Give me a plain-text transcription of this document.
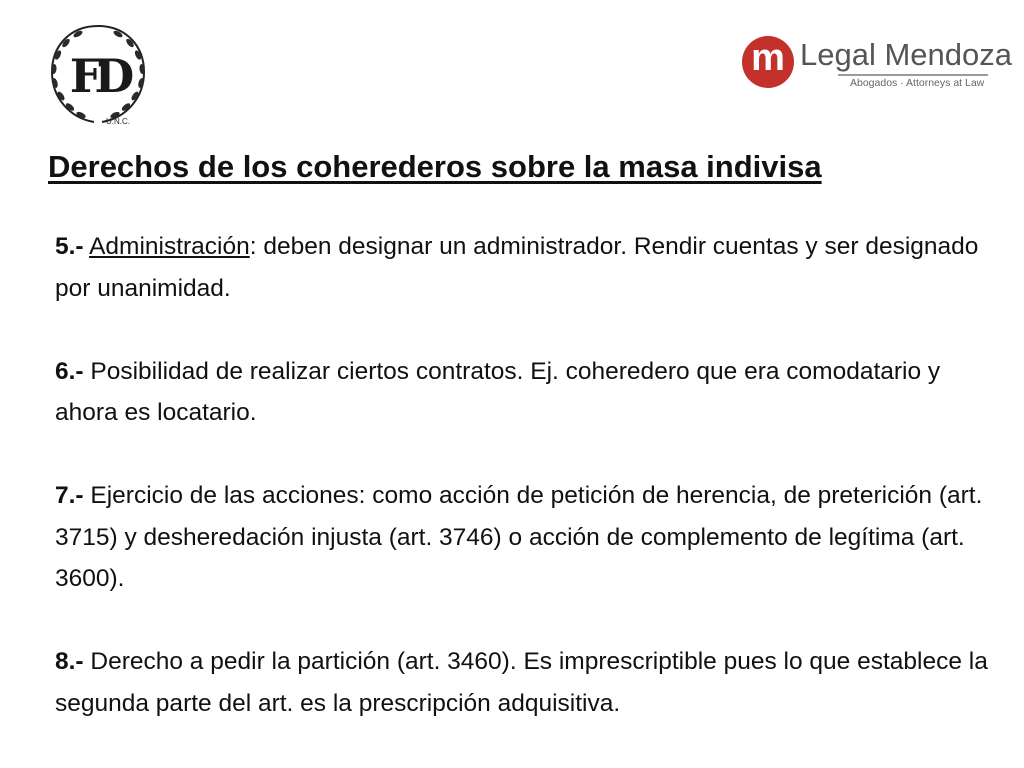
FD
U.N.C.
m Legal Mendoza
Abogados · Attorneys at Law
Derechos de los coherederos sobre la masa indivisa

5.- Administración: deben designar un administrador. Rendir cuentas y ser designado por unanimidad.

6.- Posibilidad de realizar ciertos contratos. Ej. coheredero que era comodatario y ahora es locatario.

7.- Ejercicio de las acciones: como acción de petición de herencia, de preterición (art. 3715) y desheredación injusta (art. 3746) o acción de complemento de legítima (art. 3600).

8.- Derecho a pedir la partición (art. 3460). Es imprescriptible pues lo que establece la segunda parte del art. es la prescripción adquisitiva.
